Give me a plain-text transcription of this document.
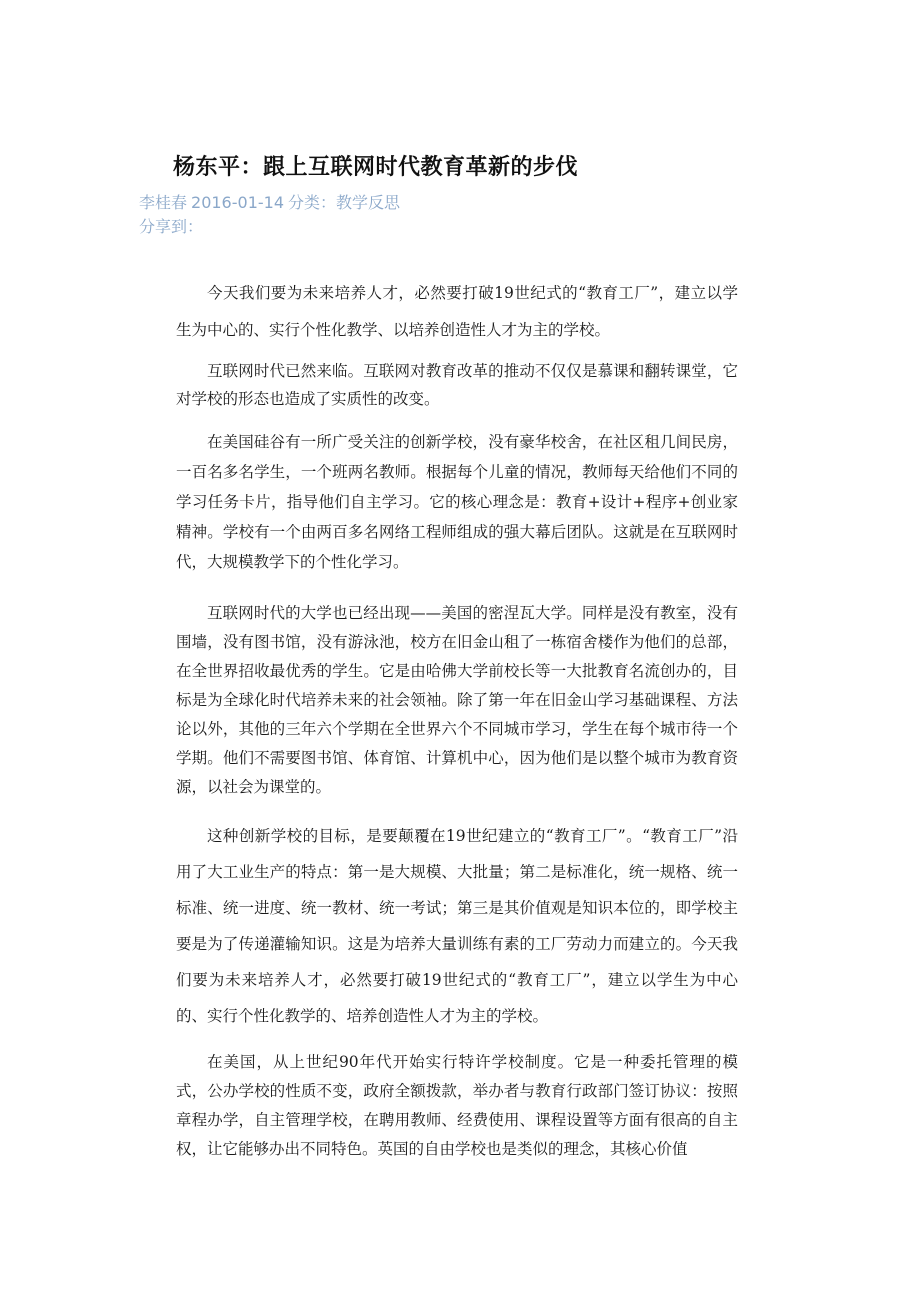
杨东平：跟上互联网时代教育革新的步伐
李桂春 2016-01-14 分类：教学反思
分享到：

今天我们要为未来培养人才，必然要打破19世纪式的“教育工厂”，建立以学生为中心的、实行个性化教学、以培养创造性人才为主的学校。

互联网时代已然来临。互联网对教育改革的推动不仅仅是慕课和翻转课堂，它对学校的形态也造成了实质性的改变。

在美国硅谷有一所广受关注的创新学校，没有豪华校舍，在社区租几间民房，一百名多名学生，一个班两名教师。根据每个儿童的情况，教师每天给他们不同的学习任务卡片，指导他们自主学习。它的核心理念是：教育+设计+程序+创业家精神。学校有一个由两百多名网络工程师组成的强大幕后团队。这就是在互联网时代，大规模教学下的个性化学习。

互联网时代的大学也已经出现——美国的密涅瓦大学。同样是没有教室，没有围墙，没有图书馆，没有游泳池，校方在旧金山租了一栋宿舍楼作为他们的总部，在全世界招收最优秀的学生。它是由哈佛大学前校长等一大批教育名流创办的，目标是为全球化时代培养未来的社会领袖。除了第一年在旧金山学习基础课程、方法论以外，其他的三年六个学期在全世界六个不同城市学习，学生在每个城市待一个学期。他们不需要图书馆、体育馆、计算机中心，因为他们是以整个城市为教育资源，以社会为课堂的。

这种创新学校的目标，是要颠覆在19世纪建立的“教育工厂”。“教育工厂”沿用了大工业生产的特点：第一是大规模、大批量；第二是标准化，统一规格、统一标准、统一进度、统一教材、统一考试；第三是其价值观是知识本位的，即学校主要是为了传递灌输知识。这是为培养大量训练有素的工厂劳动力而建立的。今天我们要为未来培养人才，必然要打破19世纪式的“教育工厂”，建立以学生为中心的、实行个性化教学的、培养创造性人才为主的学校。

在美国，从上世纪90年代开始实行特许学校制度。它是一种委托管理的模式，公办学校的性质不变，政府全额拨款，举办者与教育行政部门签订协议：按照章程办学，自主管理学校，在聘用教师、经费使用、课程设置等方面有很高的自主权，让它能够办出不同特色。英国的自由学校也是类似的理念，其核心价值
